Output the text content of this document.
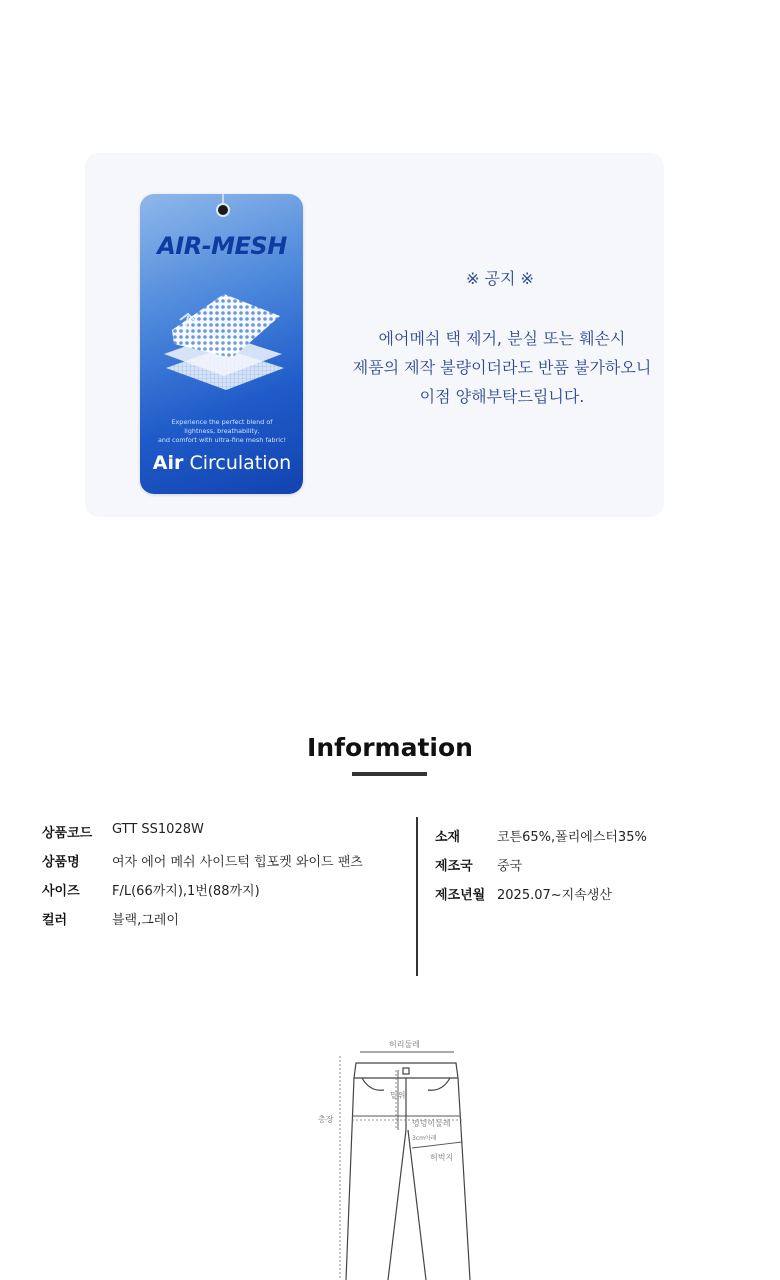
AIR-MESH
Experience the perfect blend of
lightness, breathability,
and comfort with ultra-fine mesh fabric!
Air Circulation
※ 공지 ※
에어메쉬 택 제거, 분실 또는 훼손시
제품의 제작 불량이더라도 반품 불가하오니
이점 양해부탁드립니다.
Information
상품코드 GTT SS1028W
상품명 여자 에어 메쉬 사이드턱 힙포켓 와이드 팬츠
사이즈 F/L(66까지),1번(88까지)
컬러	블랙,그레이
소재	코튼65%,폴리에스터35%
제조국 중국
제조년월 2025.07~지속생산
허리둘레
밑위
엉덩이둘레
총장
허벅지
3cm아래
